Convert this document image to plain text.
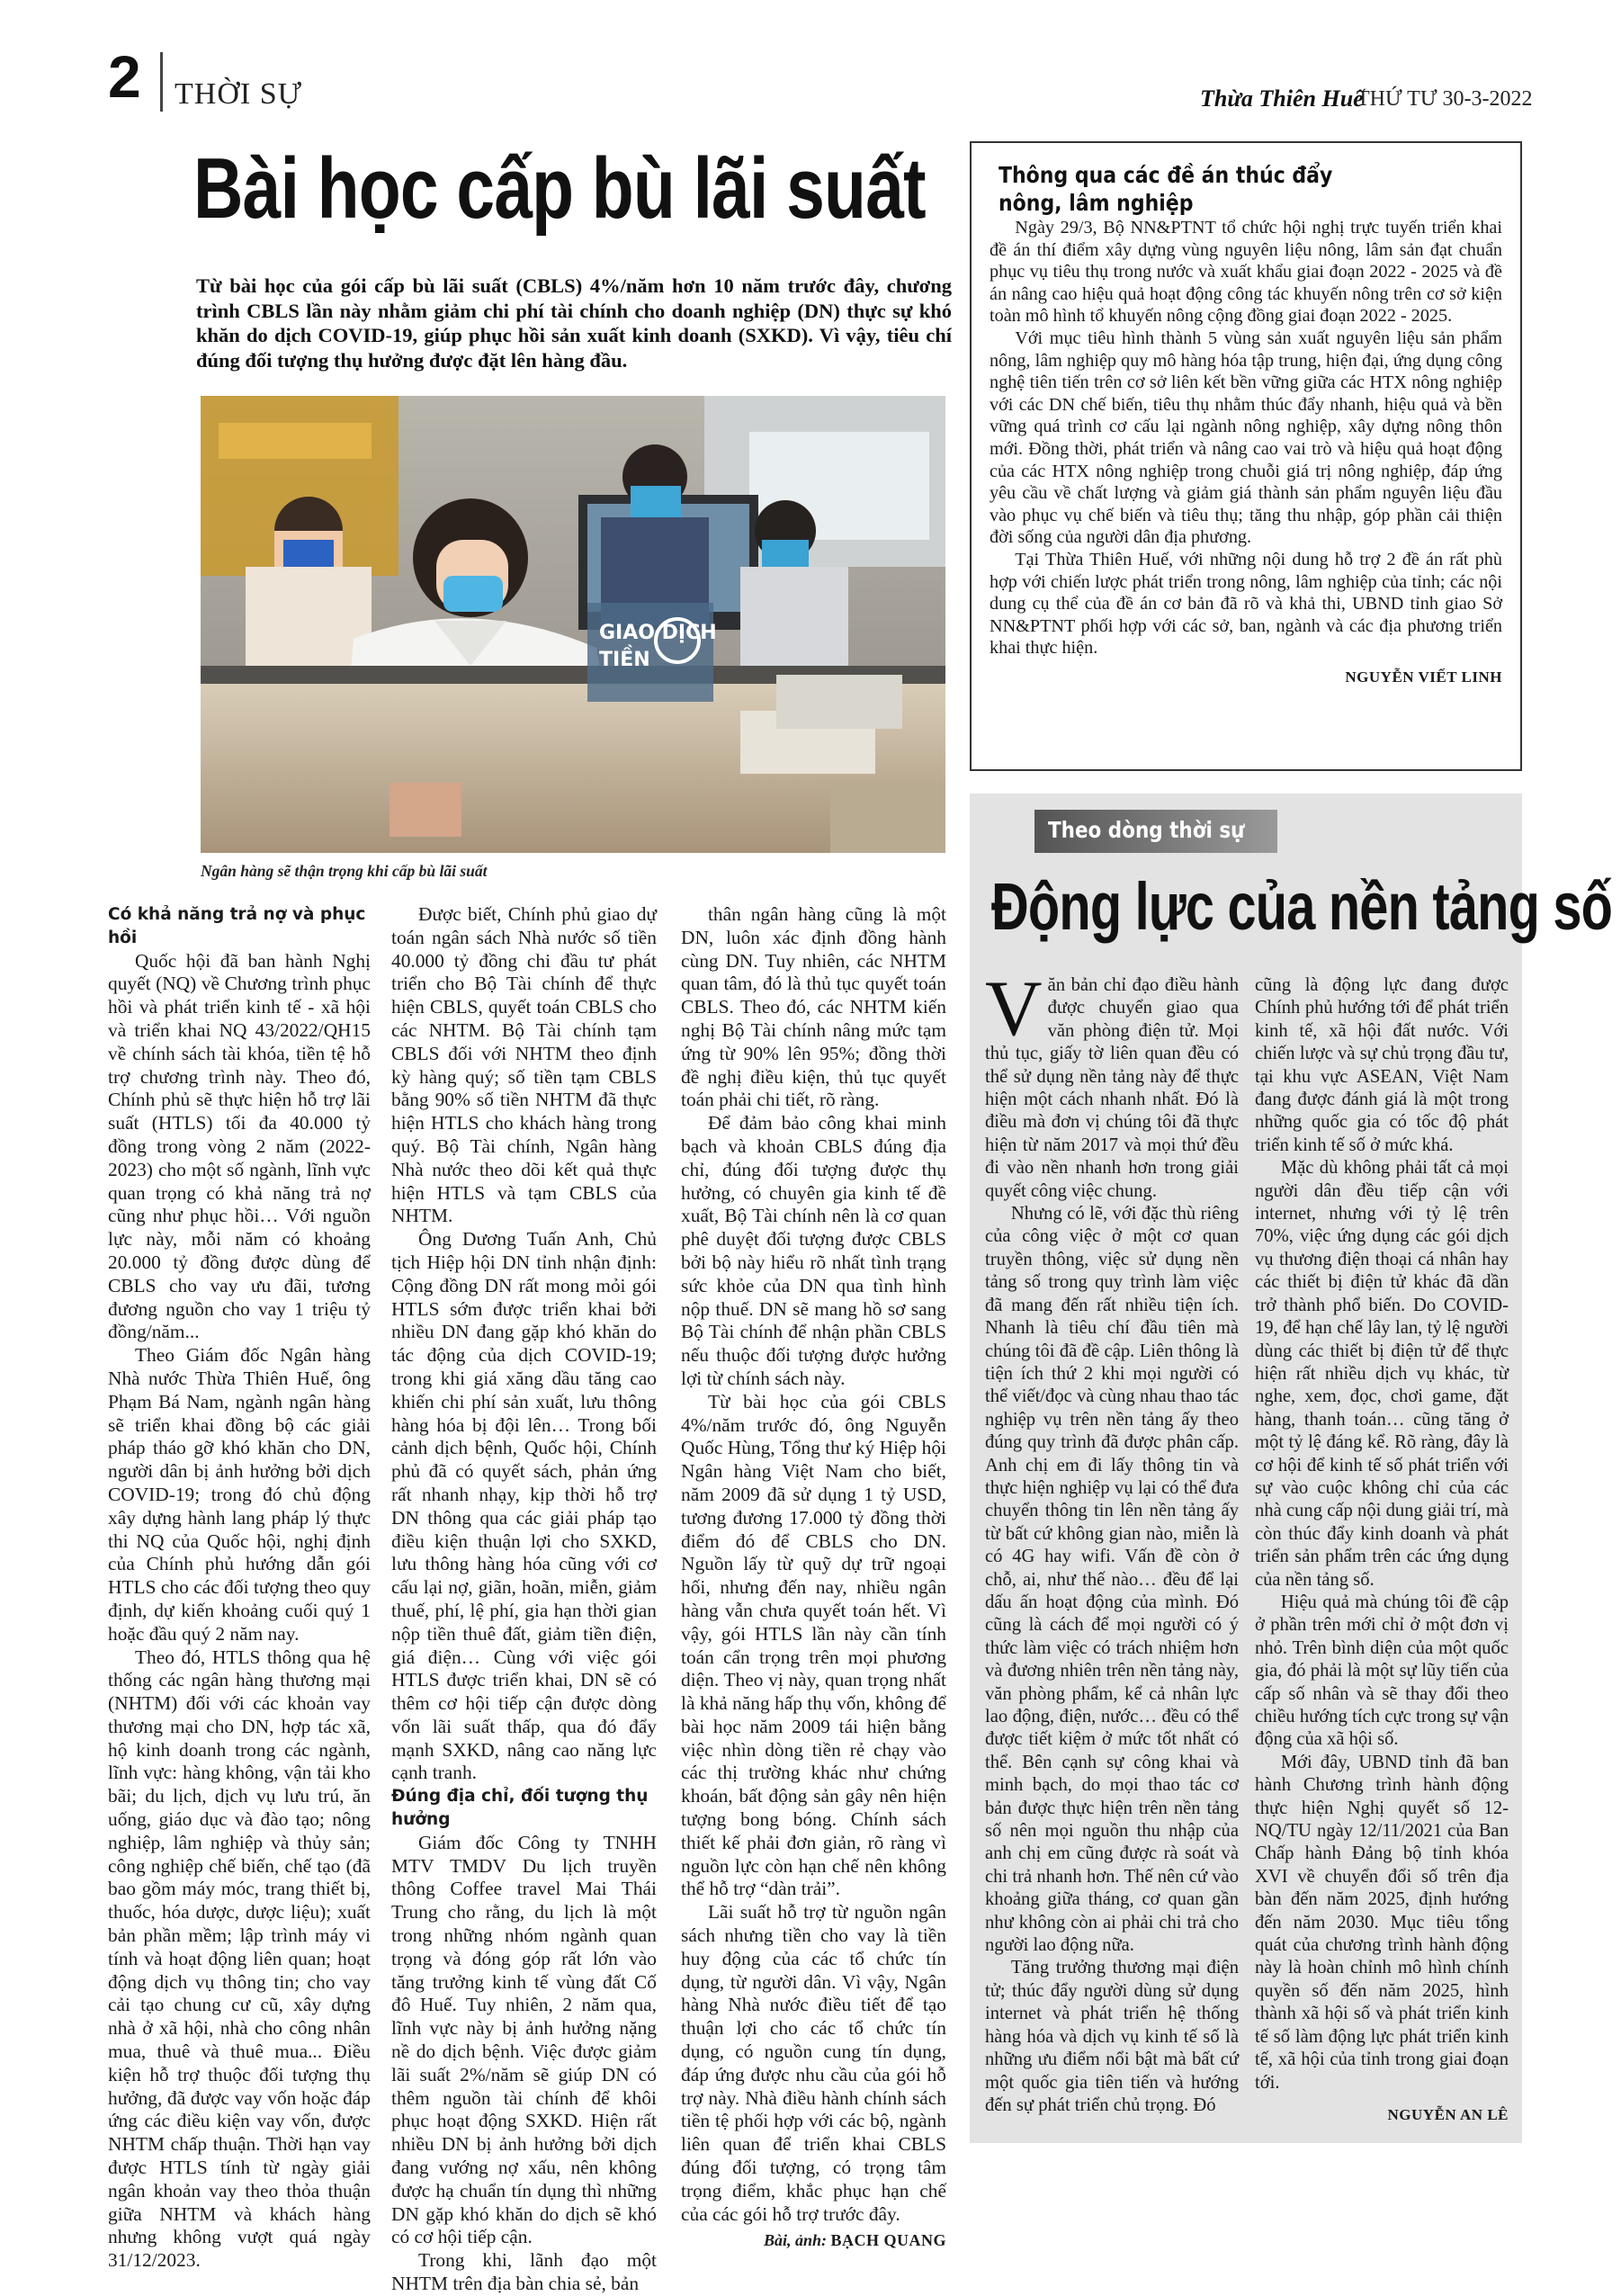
2 THỜI SỰ	Thừa Thiên Huế
THỨ TƯ 30-3-2022
Bài học cấp bù lãi suất

Từ bài học của gói cấp bù lãi suất (CBLS) 4%/năm hơn 10 năm trước đây, chương trình CBLS lần này nhằm giảm chi phí tài chính cho doanh nghiệp (DN) thực sự khó khăn do dịch COVID-19, giúp phục hồi sản xuất kinh doanh (SXKD). Vì vậy, tiêu chí đúng đối tượng thụ hưởng được đặt lên hàng đầu.

GIAO DỊCH
TIỀN

Ngân hàng sẽ thận trọng khi cấp bù lãi suất

Có khả năng trả nợ và phục hồi

Quốc hội đã ban hành Nghị quyết (NQ) về Chương trình phục hồi và phát triển kinh tế - xã hội và triển khai NQ 43/2022/QH15 về chính sách tài khóa, tiền tệ hỗ trợ chương trình này. Theo đó, Chính phủ sẽ thực hiện hỗ trợ lãi suất (HTLS) tối đa 40.000 tỷ đồng trong vòng 2 năm (2022-2023) cho một số ngành, lĩnh vực quan trọng có khả năng trả nợ cũng như phục hồi… Với nguồn lực này, mỗi năm có khoảng 20.000 tỷ đồng được dùng để CBLS cho vay ưu đãi, tương đương nguồn cho vay 1 triệu tỷ đồng/năm...

Theo Giám đốc Ngân hàng Nhà nước Thừa Thiên Huế, ông Phạm Bá Nam, ngành ngân hàng sẽ triển khai đồng bộ các giải pháp tháo gỡ khó khăn cho DN, người dân bị ảnh hưởng bởi dịch COVID-19; trong đó chủ động xây dựng hành lang pháp lý thực thi NQ của Quốc hội, nghị định của Chính phủ hướng dẫn gói HTLS cho các đối tượng theo quy định, dự kiến khoảng cuối quý 1 hoặc đầu quý 2 năm nay.

Theo đó, HTLS thông qua hệ thống các ngân hàng thương mại (NHTM) đối với các khoản vay thương mại cho DN, hợp tác xã, hộ kinh doanh trong các ngành, lĩnh vực: hàng không, vận tải kho bãi; du lịch, dịch vụ lưu trú, ăn uống, giáo dục và đào tạo; nông nghiệp, lâm nghiệp và thủy sản; công nghiệp chế biến, chế tạo (đã bao gồm máy móc, trang thiết bị, thuốc, hóa dược, dược liệu); xuất bản phần mềm; lập trình máy vi tính và hoạt động liên quan; hoạt động dịch vụ thông tin; cho vay cải tạo chung cư cũ, xây dựng nhà ở xã hội, nhà cho công nhân mua, thuê và thuê mua... Điều kiện hỗ trợ thuộc đối tượng thụ hưởng, đã được vay vốn hoặc đáp ứng các điều kiện vay vốn, được NHTM chấp thuận. Thời hạn vay được HTLS tính từ ngày giải ngân khoản vay theo thỏa thuận giữa NHTM và khách hàng nhưng không vượt quá ngày 31/12/2023.

Được biết, Chính phủ giao dự toán ngân sách Nhà nước số tiền 40.000 tỷ đồng chi đầu tư phát triển cho Bộ Tài chính để thực hiện CBLS, quyết toán CBLS cho các NHTM. Bộ Tài chính tạm CBLS đối với NHTM theo định kỳ hàng quý; số tiền tạm CBLS bằng 90% số tiền NHTM đã thực hiện HTLS cho khách hàng trong quý. Bộ Tài chính, Ngân hàng Nhà nước theo dõi kết quả thực hiện HTLS và tạm CBLS của NHTM.

Ông Dương Tuấn Anh, Chủ tịch Hiệp hội DN tỉnh nhận định: Cộng đồng DN rất mong mỏi gói HTLS sớm được triển khai bởi nhiều DN đang gặp khó khăn do tác động của dịch COVID-19; trong khi giá xăng dầu tăng cao khiến chi phí sản xuất, lưu thông hàng hóa bị đội lên… Trong bối cảnh dịch bệnh, Quốc hội, Chính phủ đã có quyết sách, phản ứng rất nhanh nhạy, kịp thời hỗ trợ DN thông qua các giải pháp tạo điều kiện thuận lợi cho SXKD, lưu thông hàng hóa cũng với cơ cấu lại nợ, giãn, hoãn, miễn, giảm thuế, phí, lệ phí, gia hạn thời gian nộp tiền thuê đất, giảm tiền điện, giá điện… Cùng với việc gói HTLS được triển khai, DN sẽ có thêm cơ hội tiếp cận được dòng vốn lãi suất thấp, qua đó đẩy mạnh SXKD, nâng cao năng lực cạnh tranh.

Đúng địa chỉ, đối tượng thụ hưởng

Giám đốc Công ty TNHH MTV TMDV Du lịch truyền thông Coffee travel Mai Thái Trung cho rằng, du lịch là một trong những nhóm ngành quan trọng và đóng góp rất lớn vào tăng trưởng kinh tế vùng đất Cố đô Huế. Tuy nhiên, 2 năm qua, lĩnh vực này bị ảnh hưởng nặng nề do dịch bệnh. Việc được giảm lãi suất 2%/năm sẽ giúp DN có thêm nguồn tài chính để khôi phục hoạt động SXKD. Hiện rất nhiều DN bị ảnh hưởng bởi dịch đang vướng nợ xấu, nên không được hạ chuẩn tín dụng thì những DN gặp khó khăn do dịch sẽ khó có cơ hội tiếp cận.

Trong khi, lãnh đạo một NHTM trên địa bàn chia sẻ, bản

thân ngân hàng cũng là một DN, luôn xác định đồng hành cùng DN. Tuy nhiên, các NHTM quan tâm, đó là thủ tục quyết toán CBLS. Theo đó, các NHTM kiến nghị Bộ Tài chính nâng mức tạm ứng từ 90% lên 95%; đồng thời đề nghị điều kiện, thủ tục quyết toán phải chi tiết, rõ ràng.

Để đảm bảo công khai minh bạch và khoản CBLS đúng địa chỉ, đúng đối tượng được thụ hưởng, có chuyên gia kinh tế đề xuất, Bộ Tài chính nên là cơ quan phê duyệt đối tượng được CBLS bởi bộ này hiểu rõ nhất tình trạng sức khỏe của DN qua tình hình nộp thuế. DN sẽ mang hồ sơ sang Bộ Tài chính để nhận phần CBLS nếu thuộc đối tượng được hưởng lợi từ chính sách này.

Từ bài học của gói CBLS 4%/năm trước đó, ông Nguyễn Quốc Hùng, Tổng thư ký Hiệp hội Ngân hàng Việt Nam cho biết, năm 2009 đã sử dụng 1 tỷ USD, tương đương 17.000 tỷ đồng thời điểm đó để CBLS cho DN. Nguồn lấy từ quỹ dự trữ ngoại hối, nhưng đến nay, nhiều ngân hàng vẫn chưa quyết toán hết. Vì vậy, gói HTLS lần này cần tính toán cẩn trọng trên mọi phương diện. Theo vị này, quan trọng nhất là khả năng hấp thụ vốn, không để bài học năm 2009 tái hiện bằng việc nhìn dòng tiền rẻ chạy vào các thị trường khác như chứng khoán, bất động sản gây nên hiện tượng bong bóng. Chính sách thiết kế phải đơn giản, rõ ràng vì nguồn lực còn hạn chế nên không thể hỗ trợ “dàn trải”.

Lãi suất hỗ trợ từ nguồn ngân sách nhưng tiền cho vay là tiền huy động của các tổ chức tín dụng, từ người dân. Vì vậy, Ngân hàng Nhà nước điều tiết để tạo thuận lợi cho các tổ chức tín dụng, có nguồn cung tín dụng, đáp ứng được nhu cầu của gói hỗ trợ này. Nhà điều hành chính sách tiền tệ phối hợp với các bộ, ngành liên quan để triển khai CBLS đúng đối tượng, có trọng tâm trọng điểm, khắc phục hạn chế của các gói hỗ trợ trước đây.

Bài, ảnh: BẠCH QUANG

Thông qua các đề án thúc đẩy
nông, lâm nghiệp

Ngày 29/3, Bộ NN&PTNT tổ chức hội nghị trực tuyến triển khai đề án thí điểm xây dựng vùng nguyên liệu nông, lâm sản đạt chuẩn phục vụ tiêu thụ trong nước và xuất khẩu giai đoạn 2022 - 2025 và đề án nâng cao hiệu quả hoạt động công tác khuyến nông trên cơ sở kiện toàn mô hình tổ khuyến nông cộng đồng giai đoạn 2022 - 2025.

Với mục tiêu hình thành 5 vùng sản xuất nguyên liệu sản phẩm nông, lâm nghiệp quy mô hàng hóa tập trung, hiện đại, ứng dụng công nghệ tiên tiến trên cơ sở liên kết bền vững giữa các HTX nông nghiệp với các DN chế biến, tiêu thụ nhằm thúc đẩy nhanh, hiệu quả và bền vững quá trình cơ cấu lại ngành nông nghiệp, xây dựng nông thôn mới. Đồng thời, phát triển và nâng cao vai trò và hiệu quả hoạt động của các HTX nông nghiệp trong chuỗi giá trị nông nghiệp, đáp ứng yêu cầu về chất lượng và giảm giá thành sản phẩm nguyên liệu đầu vào phục vụ chế biến và tiêu thụ; tăng thu nhập, góp phần cải thiện đời sống của người dân địa phương.

Tại Thừa Thiên Huế, với những nội dung hỗ trợ 2 đề án rất phù hợp với chiến lược phát triển trong nông, lâm nghiệp của tỉnh; các nội dung cụ thể của đề án cơ bản đã rõ và khả thi, UBND tỉnh giao Sở NN&PTNT phối hợp với các sở, ban, ngành và các địa phương triển khai thực hiện.

NGUYỄN VIẾT LINH
Theo dòng thời sự
Động lực của nền tảng số
V ăn bản chỉ đạo điều hành được chuyển giao qua văn phòng điện tử. Mọi thủ tục, giấy tờ liên quan đều có thể sử dụng nền tảng này để thực hiện một cách nhanh nhất. Đó là điều mà đơn vị chúng tôi đã thực hiện từ năm 2017 và mọi thứ đều đi vào nền nhanh hơn trong giải quyết công việc chung.

Nhưng có lẽ, với đặc thù riêng của công việc ở một cơ quan truyền thông, việc sử dụng nền tảng số trong quy trình làm việc đã mang đến rất nhiều tiện ích. Nhanh là tiêu chí đầu tiên mà chúng tôi đã đề cập. Liên thông là tiện ích thứ 2 khi mọi người có thể viết/đọc và cùng nhau thao tác nghiệp vụ trên nền tảng ấy theo đúng quy trình đã được phân cấp. Anh chị em đi lấy thông tin và thực hiện nghiệp vụ lại có thể đưa chuyển thông tin lên nền tảng ấy từ bất cứ không gian nào, miễn là có 4G hay wifi. Vấn đề còn ở chỗ, ai, như thế nào… đều để lại dấu ấn hoạt động của mình. Đó cũng là cách để mọi người có ý thức làm việc có trách nhiệm hơn và đương nhiên trên nền tảng này, văn phòng phẩm, kể cả nhân lực lao động, điện, nước… đều có thể được tiết kiệm ở mức tốt nhất có thể. Bên cạnh sự công khai và minh bạch, do mọi thao tác cơ bản được thực hiện trên nền tảng số nên mọi nguồn thu nhập của anh chị em cũng được rà soát và chi trả nhanh hơn. Thế nên cứ vào khoảng giữa tháng, cơ quan gần như không còn ai phải chi trả cho người lao động nữa.

Tăng trưởng thương mại điện tử; thúc đẩy người dùng sử dụng internet và phát triển hệ thống hàng hóa và dịch vụ kinh tế số là những ưu điểm nổi bật mà bất cứ một quốc gia tiên tiến và hướng đến sự phát triển chủ trọng. Đó

cũng là động lực đang được Chính phủ hướng tới để phát triển kinh tế, xã hội đất nước. Với chiến lược và sự chủ trọng đầu tư, tại khu vực ASEAN, Việt Nam đang được đánh giá là một trong những quốc gia có tốc độ phát triển kinh tế số ở mức khá.

Mặc dù không phải tất cả mọi người dân đều tiếp cận với internet, nhưng với tỷ lệ trên 70%, việc ứng dụng các gói dịch vụ thương điện thoại cá nhân hay các thiết bị điện tử khác đã dần trở thành phổ biến. Do COVID-19, để hạn chế lây lan, tỷ lệ người dùng các thiết bị điện tử để thực hiện rất nhiều dịch vụ khác, từ nghe, xem, đọc, chơi game, đặt hàng, thanh toán… cũng tăng ở một tỷ lệ đáng kể. Rõ ràng, đây là cơ hội để kinh tế số phát triển với sự vào cuộc không chỉ của các nhà cung cấp nội dung giải trí, mà còn thúc đẩy kinh doanh và phát triển sản phẩm trên các ứng dụng của nền tảng số.

Hiệu quả mà chúng tôi đề cập ở phần trên mới chỉ ở một đơn vị nhỏ. Trên bình diện của một quốc gia, đó phải là một sự lũy tiến của cấp số nhân và sẽ thay đổi theo chiều hướng tích cực trong sự vận động của xã hội số.

Mới đây, UBND tỉnh đã ban hành Chương trình hành động thực hiện Nghị quyết số 12-NQ/TU ngày 12/11/2021 của Ban Chấp hành Đảng bộ tỉnh khóa XVI về chuyển đổi số trên địa bàn đến năm 2025, định hướng đến năm 2030. Mục tiêu tổng quát của chương trình hành động này là hoàn chỉnh mô hình chính quyền số đến năm 2025, hình thành xã hội số và phát triển kinh tế số làm động lực phát triển kinh tế, xã hội của tỉnh trong giai đoạn tới.

NGUYỄN AN LÊ
